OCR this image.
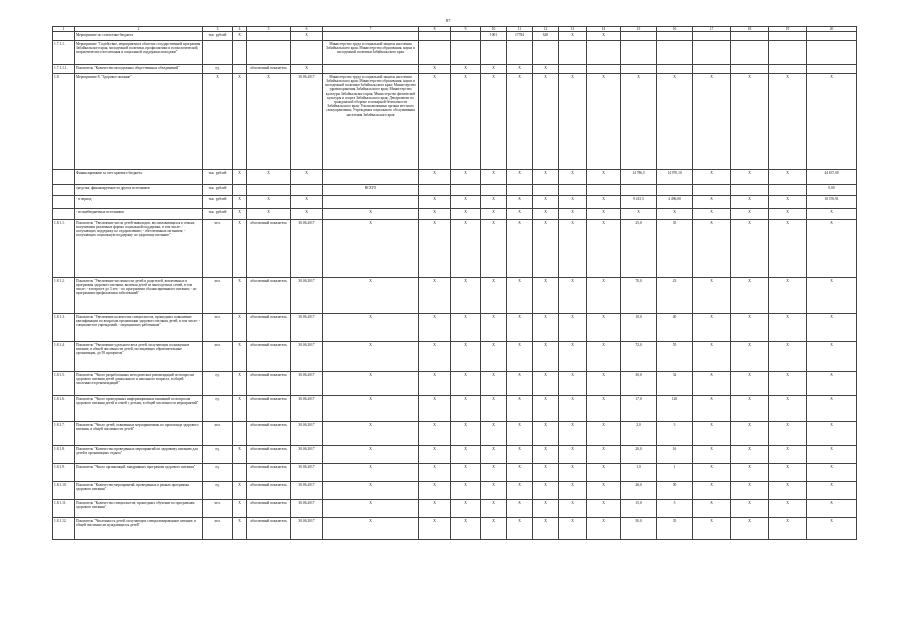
87
1	2	3	4	5	6	7	8	9	10	11	12	13	14	15	16	17	18	19	20
	Мероприятие по статистике бюджета	тыс. рублей	Х		Х				1001	17784	620	Х	Х						
1.7.1.1.	Мероприятие "Содействие, мероприятия в областях государственной программы Забайкальского края, молодежной политики, профилактики и психологической, патриотического воспитания и социальной поддержки молодежи"					Министерство труда и социальной защиты населения Забайкальского края; Министерство образования, науки и молодежной политики Забайкальского края													
1.7.1.1.1.	Показатель "Количество молодежных общественных объединений"	ед.		абсолютный показатель	Х		Х	Х	Х	Х	Х								
1.8.	Мероприятие 8. "Здоровое питание"	Х	Х	Х	30.06.2017	Министерство труда и социальной защиты населения Забайкальского края; Министерство образования, науки и молодежной политики Забайкальского края; Министерство здравоохранения Забайкальского края; Министерство культуры Забайкальского края; Министерство физической культуры и спорта Забайкальского края; Департамент по гражданской обороне и пожарной безопасности Забайкальского края; Уполномоченные органы местного самоуправления; Учреждения социального обслуживания населения Забайкальского края	Х	Х	Х	Х	Х	Х	Х	Х	Х	Х	Х	Х	Х
	Финансирование за счет краевого бюджета	тыс. рублей	Х	Х	Х		Х	Х	Х	Х	Х	Х	Х	14 786,5	14 970,10	Х	Х	Х	44 637,00
	средства, финансируемые из других источников	тыс. рублей				ВСЕГО													0,00
	- в период	тыс. рублей	Х	Х	Х		Х	Х	Х	Х	Х	Х	Х	9 415,5	2 496,00	Х	Х	Х	10 376,91
	- из внебюджетных источников	тыс. рублей	Х	Х	Х	Х	Х	Х	Х	Х	Х	Х	Х	Х	Х	Х	Х	Х	Х
1.8.1.1.	Показатель "Увеличение числа детей-инвалидов, воспитывающихся в семьях, получивших различные формы социальной поддержки, в том числе: - получающих поддержку по оздоровлению; - обеспеченных питанием; - получающих социальную поддержку по здоровому питанию"	чел.	Х	абсолютный показатель	30.06.2017	Х	Х	Х	Х	Х	Х	Х	Х	25,0	35	Х	Х	Х	Х
1.8.1.2.	Показатель "Увеличение численности детей и родителей, вовлеченных в программы здорового питания, включая детей из многодетных семей, в том числе: - в возрасте до 3 лет; - по программам сбалансированного питания; - по программам профилактики заболеваний"	чел.	Х	абсолютный показатель	30.06.2017	Х	Х	Х	Х	Х	Х	Х	Х	70,0	23	Х	Х	Х	Х
1.8.1.3.	Показатель "Увеличение количества специалистов, прошедших повышение квалификации по вопросам организации здорового питания детей, в том числе: - специалистов учреждений; - медицинских работников"	чел.	Х	абсолютный показатель	30.06.2017	Х	Х	Х	Х	Х	Х	Х	Х	10,0	40	Х	Х	Х	Х
1.8.1.4.	Показатель "Увеличение удельного веса детей, получающих полноценное питание, в общей численности детей, посещающих образовательные организации, до 95 процентов"	чел.	Х	абсолютный показатель	30.06.2017	Х	Х	Х	Х	Х	Х	Х	Х	72,0	55	Х	Х	Х	Х
1.8.1.5.	Показатель "Число разработанных методических рекомендаций по вопросам здорового питания детей дошкольного и школьного возраста, в общей численности рекомендаций"	ед.	Х	абсолютный показатель	30.06.2017	Х	Х	Х	Х	Х	Х	Х	Х	30,0	32	Х	Х	Х	Х
1.8.1.6.	Показатель "Число проведенных информационных кампаний по вопросам здорового питания детей и семей с детьми, в общей численности мероприятий"	ед.	Х	абсолютный показатель	30.06.2017	Х	Х	Х	Х	Х	Х	Х	Х	17,0	120	Х	Х	Х	Х
1.8.1.7.	Показатель "Число детей, охваченных мероприятиями по пропаганде здорового питания, в общей численности детей"	чел.		абсолютный показатель	30.06.2017	Х	Х	Х	Х	Х	Х	Х	Х	2,0	3	Х	Х	Х	Х
1.8.1.8.	Показатель "Количество проведенных мероприятий по здоровому питанию для детей в организациях отдыха"	ед.	Х	абсолютный показатель	30.06.2017	Х	Х	Х	Х	Х	Х	Х	Х	20,0	16	Х	Х	Х	Х
1.8.1.9.	Показатель "Число организаций, внедривших программы здорового питания"	ед.		абсолютный показатель	30.06.2017	Х	Х	Х	Х	Х	Х	Х	Х	1,0	1	Х	Х	Х	Х
1.8.1.10.	Показатель "Количество мероприятий, проведенных в рамках программы здорового питания"	ед.	Х	абсолютный показатель	30.06.2017	Х	Х	Х	Х	Х	Х	Х	Х	26,0	50	Х	Х	Х	Х
1.8.1.11.	Показатель "Количество специалистов, прошедших обучение по программам здорового питания"	чел.	Х	абсолютный показатель	30.06.2017	Х	Х	Х	Х	Х	Х	Х	Х	15,0	5	Х	Х	Х	Х
1.8.1.12.	Показатель "Численность детей, получающих специализированное питание, в общей численности нуждающихся детей"	чел.	Х	абсолютный показатель	30.06.2017	Х	Х	Х	Х	Х	Х	Х	Х	50,0	35	Х	Х	Х	Х
